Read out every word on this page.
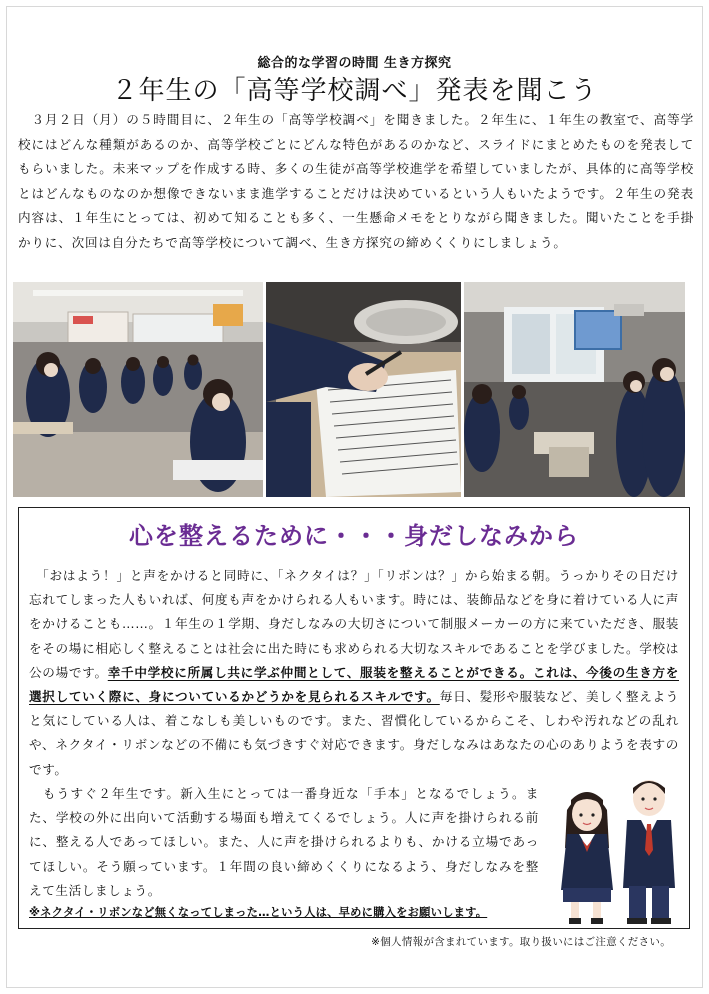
総合的な学習の時間 生き方探究
２年生の「高等学校調べ」発表を聞こう

　３月２日（月）の５時間目に、２年生の「高等学校調べ」を聞きました。２年生に、１年生の教室で、高等学校にはどんな種類があるのか、高等学校ごとにどんな特色があるのかなど、スライドにまとめたものを発表してもらいました。未来マップを作成する時、多くの生徒が高等学校進学を希望していましたが、具体的に高等学校とはどんなものなのか想像できないまま進学することだけは決めているという人もいたようです。２年生の発表内容は、１年生にとっては、初めて知ることも多く、一生懸命メモをとりながら聞きました。聞いたことを手掛かりに、次回は自分たちで高等学校について調べ、生き方探究の締めくくりにしましょう。

心を整えるために・・・身だしなみから

　「おはよう！」と声をかけると同時に、「ネクタイは？」「リボンは？」から始まる朝。うっかりその日だけ忘れてしまった人もいれば、何度も声をかけられる人もいます。時には、装飾品などを身に着けている人に声をかけることも……。１年生の１学期、身だしなみの大切さについて制服メーカーの方に来ていただき、服装をその場に相応しく整えることは社会に出た時にも求められる大切なスキルであることを学びました。学校は公の場です。幸千中学校に所属し共に学ぶ仲間として、服装を整えることができる。これは、今後の生き方を選択していく際に、身についているかどうかを見られるスキルです。毎日、髪形や服装など、美しく整えようと気にしている人は、着こなしも美しいものです。また、習慣化しているからこそ、しわや汚れなどの乱れや、ネクタイ・リボンなどの不備にも気づきすぐ対応できます。身だしなみはあなたの心のありようを表すのです。

　もうすぐ２年生です。新入生にとっては一番身近な「手本」となるでしょう。また、学校の外に出向いて活動する場面も増えてくるでしょう。人に声を掛けられる前に、整える人であってほしい。また、人に声を掛けられるよりも、かける立場であってほしい。そう願っています。１年間の良い締めくくりになるよう、身だしなみを整えて生活しましょう。

※ネクタイ・リボンなど無くなってしまった…という人は、早めに購入をお願いします。
※個人情報が含まれています。取り扱いにはご注意ください。
